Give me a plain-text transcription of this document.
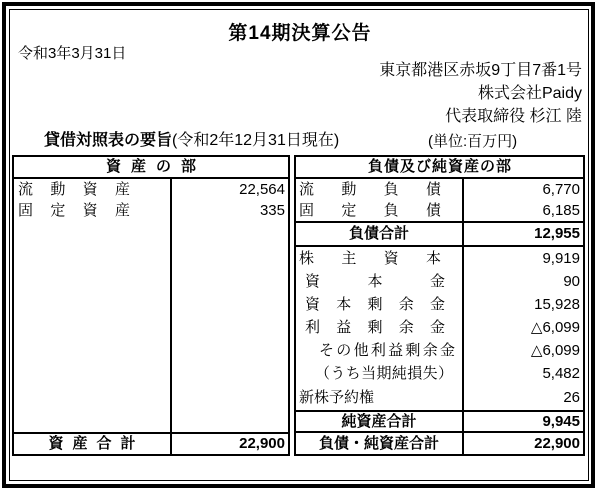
第14期決算公告
令和3年3月31日
東京都港区赤坂9丁目7番1号
株式会社Paidy
代表取締役 杉江 陸
貸借対照表の要旨(令和2年12月31日現在)	(単位:百万円)
資産の部
流動資産	22,564
固定資産	335
資産合計	22,900
負債及び純資産の部
流動負債	6,770
固定負債	6,185
負債合計	12,955
株主資本	9,919
資本金	90
資本剰余金	15,928
利益剰余金	△6,099
その他利益剰余金	△6,099
（うち当期純損失）	5,482
新株予約権	26
純資産合計	9,945
負債・純資産合計	22,900
